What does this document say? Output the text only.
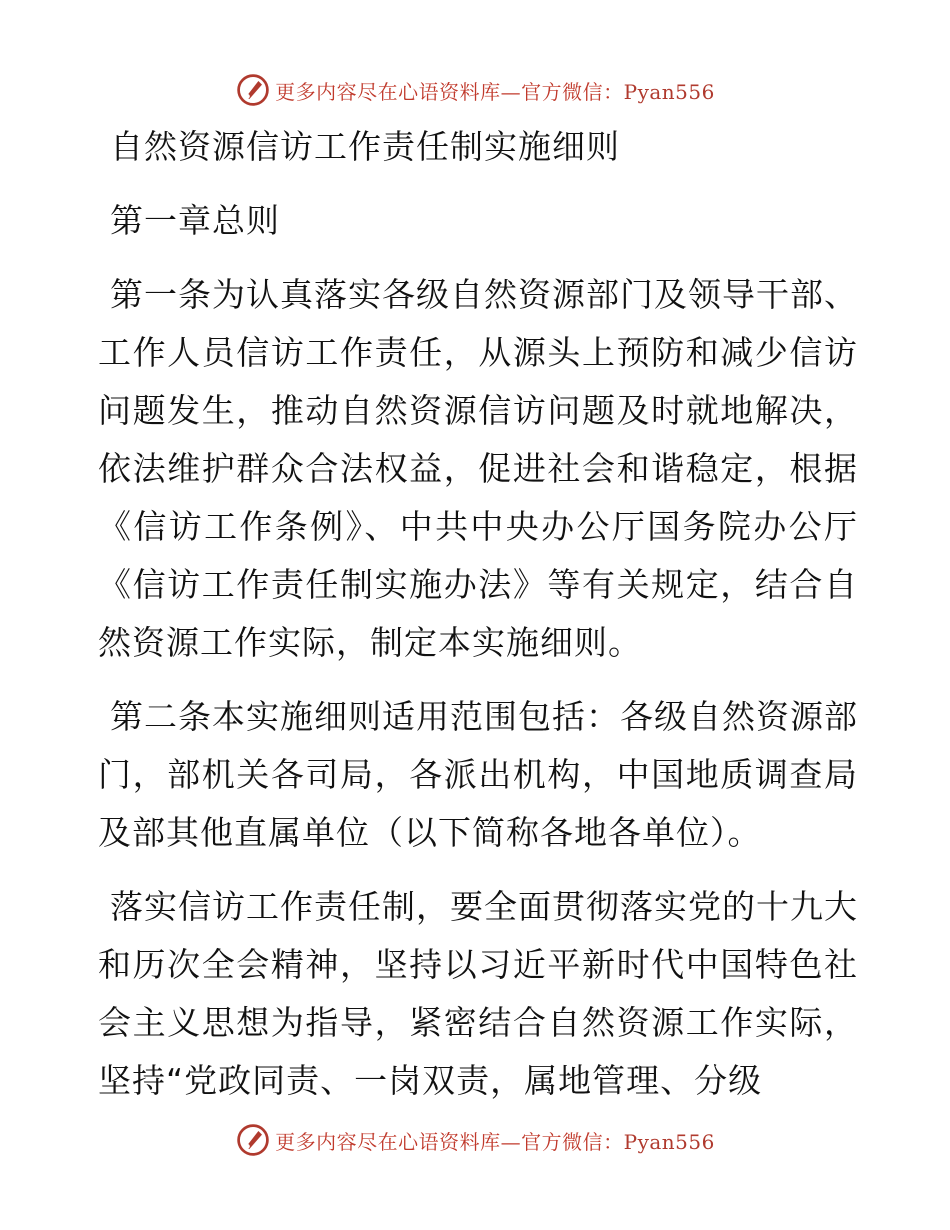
更多内容尽在心语资料库—官方微信：Pyan556
自然资源信访工作责任制实施细则
第一章总则

第一条为认真落实各级自然资源部门及领导干部、工作人员信访工作责任，从源头上预防和减少信访问题发生，推动自然资源信访问题及时就地解决，依法维护群众合法权益，促进社会和谐稳定，根据《信访工作条例》、中共中央办公厅国务院办公厅《信访工作责任制实施办法》等有关规定，结合自然资源工作实际，制定本实施细则。

第二条本实施细则适用范围包括：各级自然资源部门，部机关各司局，各派出机构，中国地质调查局及部其他直属单位（以下简称各地各单位）。

落实信访工作责任制，要全面贯彻落实党的十九大和历次全会精神，坚持以习近平新时代中国特色社会主义思想为指导，紧密结合自然资源工作实际，坚持“党政同责、一岗双责，属地管理、分级

更多内容尽在心语资料库—官方微信：Pyan556
